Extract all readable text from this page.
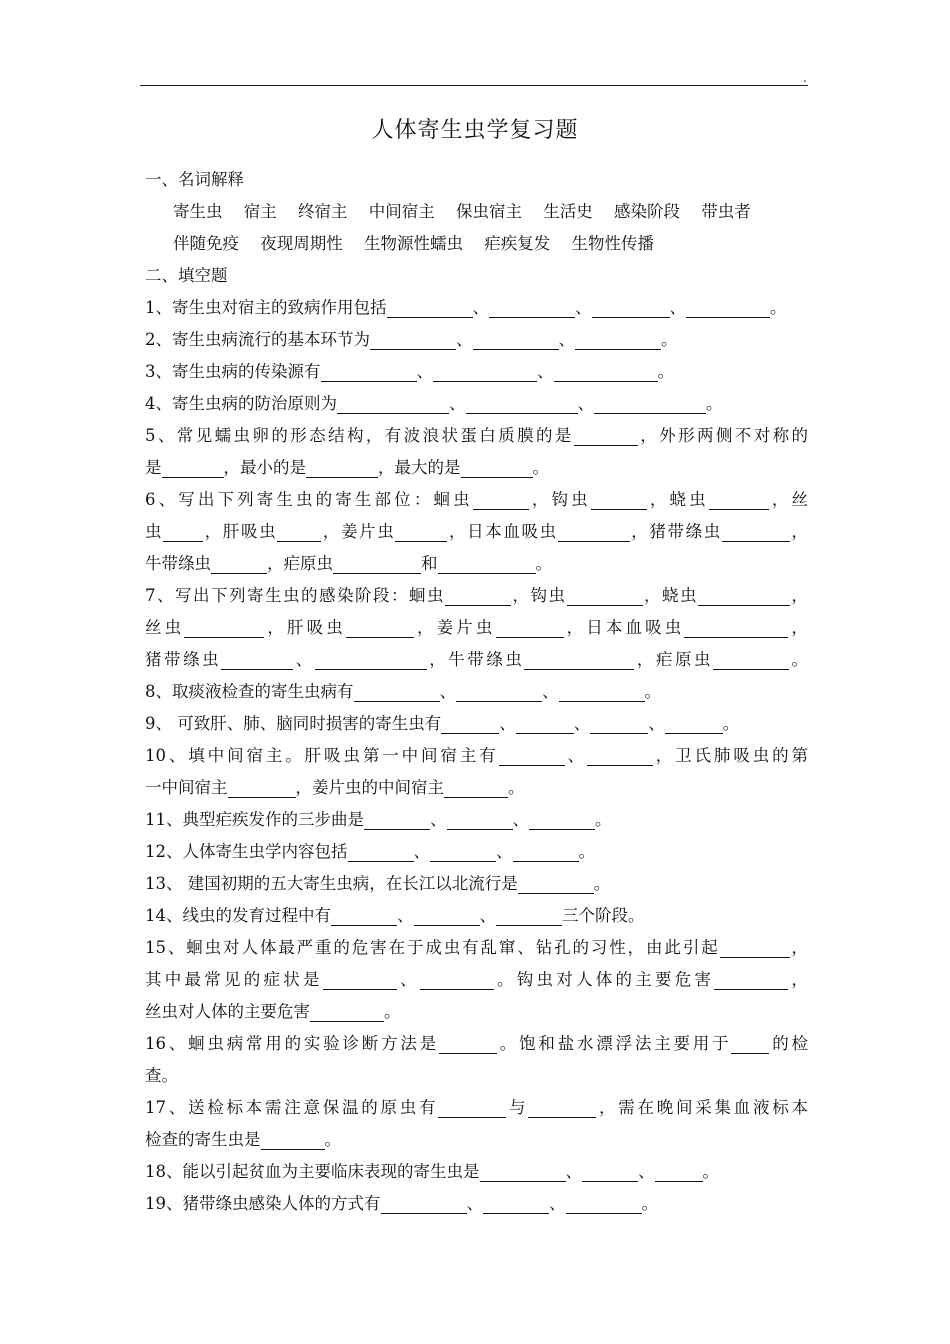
.
人体寄生虫学复习题

一、名词解释

寄生虫 宿主 终宿主 中间宿主 保虫宿主 生活史 感染阶段 带虫者

伴随免疫 夜现周期性 生物源性蠕虫 疟疾复发 生物性传播

二、填空题

1、寄生虫对宿主的致病作用包括	、	、	、	。

2、寄生虫病流行的基本环节为	、	、	。

3、寄生虫病的传染源有	、	、	。

4、寄生虫病的防治原则为	、	、	。

5、常见蠕虫卵的形态结构，有波浪状蛋白质膜的是	，外形两侧不对称的

是	，最小的是	，最大的是	。

6、写出下列寄生虫的寄生部位：蛔虫	，钩虫	，蛲虫	，丝

虫 ，肝吸虫	，姜片虫	，日本血吸虫	，猪带绦虫	，

牛带绦虫	，疟原虫	和	。

7、写出下列寄生虫的感染阶段：蛔虫	，钩虫	，蛲虫	，

丝虫	，肝吸虫	，姜片虫	，日本血吸虫	，

猪带绦虫	、	，牛带绦虫	，疟原虫	。

8、取痰液检查的寄生虫病有	、	、	。

9、 可致肝、肺、脑同时损害的寄生虫有	、	、	、	。

10、填中间宿主。肝吸虫第一中间宿主有	、	，卫氏肺吸虫的第

一中间宿主	，姜片虫的中间宿主	。

11、典型疟疾发作的三步曲是	、	、	。

12、人体寄生虫学内容包括	、	、	。

13、 建国初期的五大寄生虫病，在长江以北流行是	。

14、线虫的发育过程中有	、	、	三个阶段。

15、蛔虫对人体最严重的危害在于成虫有乱窜、钻孔的习性，由此引起	，

其中最常见的症状是	、	。钩虫对人体的主要危害	，

丝虫对人体的主要危害	。

16、蛔虫病常用的实验诊断方法是	。饱和盐水漂浮法主要用于 的检

查。

17、送检标本需注意保温的原虫有	与	，需在晚间采集血液标本

检查的寄生虫是	。

18、能以引起贫血为主要临床表现的寄生虫是	、	、	。

19、猪带绦虫感染人体的方式有	、	、	。
